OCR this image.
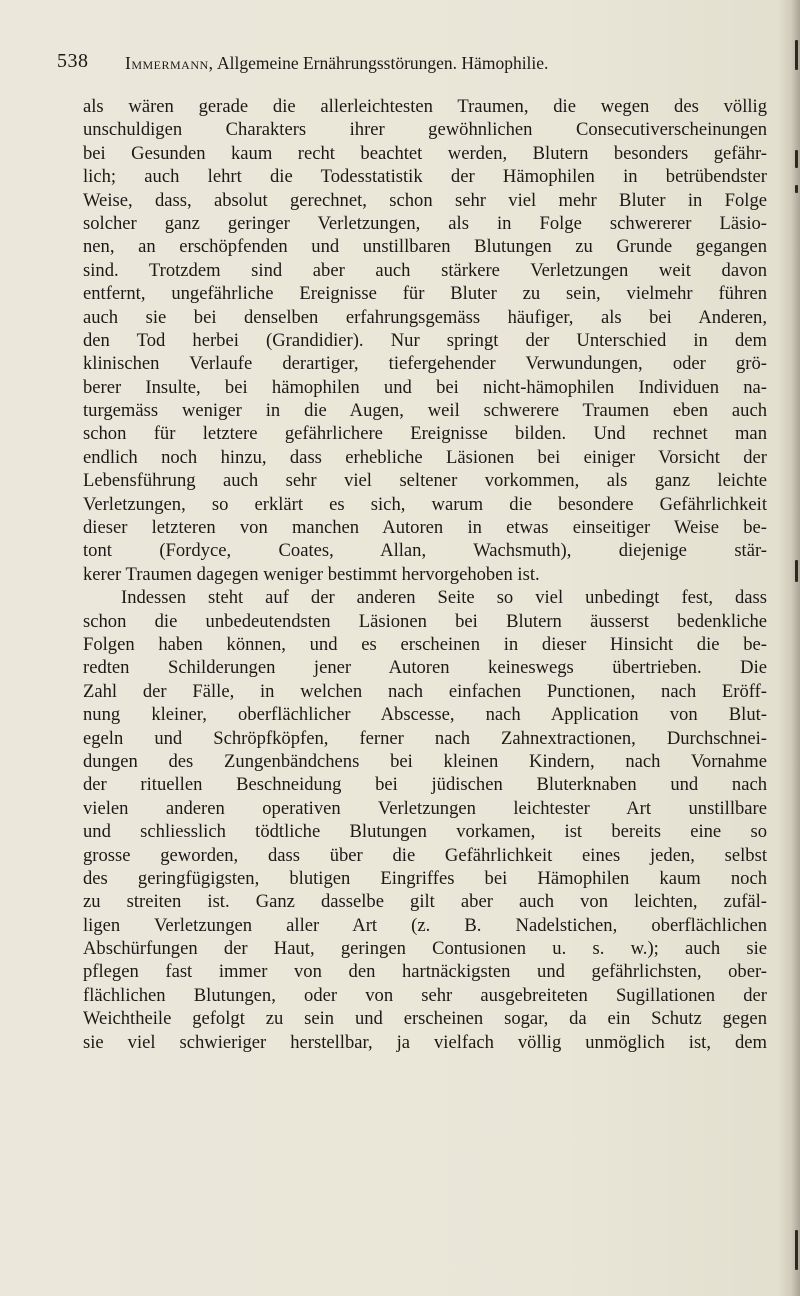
538 Immermann, Allgemeine Ernährungsstörungen. Hämophilie.
als wären gerade die allerleichtesten Traumen, die wegen des völlig
unschuldigen Charakters ihrer gewöhnlichen Consecutiverscheinungen
bei Gesunden kaum recht beachtet werden, Blutern besonders gefähr-
lich; auch lehrt die Todesstatistik der Hämophilen in betrübendster
Weise, dass, absolut gerechnet, schon sehr viel mehr Bluter in Folge
solcher ganz geringer Verletzungen, als in Folge schwererer Läsio-
nen, an erschöpfenden und unstillbaren Blutungen zu Grunde gegangen
sind. Trotzdem sind aber auch stärkere Verletzungen weit davon
entfernt, ungefährliche Ereignisse für Bluter zu sein, vielmehr führen
auch sie bei denselben erfahrungsgemäss häufiger, als bei Anderen,
den Tod herbei (Grandidier). Nur springt der Unterschied in dem
klinischen Verlaufe derartiger, tiefergehender Verwundungen, oder grö-
berer Insulte, bei hämophilen und bei nicht-hämophilen Individuen na-
turgemäss weniger in die Augen, weil schwerere Traumen eben auch
schon für letztere gefährlichere Ereignisse bilden. Und rechnet man
endlich noch hinzu, dass erhebliche Läsionen bei einiger Vorsicht der
Lebensführung auch sehr viel seltener vorkommen, als ganz leichte
Verletzungen, so erklärt es sich, warum die besondere Gefährlichkeit
dieser letzteren von manchen Autoren in etwas einseitiger Weise be-
tont (Fordyce, Coates, Allan, Wachsmuth), diejenige stär-
kerer Traumen dagegen weniger bestimmt hervorgehoben ist.
Indessen steht auf der anderen Seite so viel unbedingt fest, dass
schon die unbedeutendsten Läsionen bei Blutern äusserst bedenkliche
Folgen haben können, und es erscheinen in dieser Hinsicht die be-
redten Schilderungen jener Autoren keineswegs übertrieben. Die
Zahl der Fälle, in welchen nach einfachen Punctionen, nach Eröff-
nung kleiner, oberflächlicher Abscesse, nach Application von Blut-
egeln und Schröpfköpfen, ferner nach Zahnextractionen, Durchschnei-
dungen des Zungenbändchens bei kleinen Kindern, nach Vornahme
der rituellen Beschneidung bei jüdischen Bluterknaben und nach
vielen anderen operativen Verletzungen leichtester Art unstillbare
und schliesslich tödtliche Blutungen vorkamen, ist bereits eine so
grosse geworden, dass über die Gefährlichkeit eines jeden, selbst
des geringfügigsten, blutigen Eingriffes bei Hämophilen kaum noch
zu streiten ist. Ganz dasselbe gilt aber auch von leichten, zufäl-
ligen Verletzungen aller Art (z. B. Nadelstichen, oberflächlichen
Abschürfungen der Haut, geringen Contusionen u. s. w.); auch sie
pflegen fast immer von den hartnäckigsten und gefährlichsten, ober-
flächlichen Blutungen, oder von sehr ausgebreiteten Sugillationen der
Weichtheile gefolgt zu sein und erscheinen sogar, da ein Schutz gegen
sie viel schwieriger herstellbar, ja vielfach völlig unmöglich ist, dem
